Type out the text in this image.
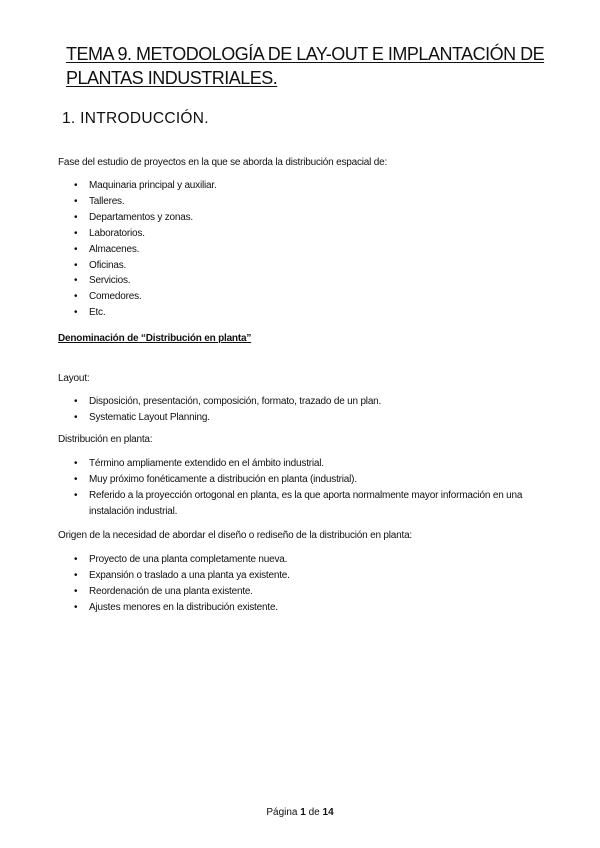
TEMA 9. METODOLOGÍA DE LAY-OUT E IMPLANTACIÓN DE PLANTAS INDUSTRIALES.
1. INTRODUCCIÓN.

Fase del estudio de proyectos en la que se aborda la distribución espacial de:

•	Maquinaria principal y auxiliar.
•	Talleres.
•	Departamentos y zonas.
•	Laboratorios.
•	Almacenes.
•	Oficinas.
•	Servicios.
•	Comedores.
•	Etc.

Denominación de “Distribución en planta”

Layout:

•	Disposición, presentación, composición, formato, trazado de un plan.
•	Systematic Layout Planning.

Distribución en planta:

•	Término ampliamente extendido en el ámbito industrial.
•	Muy próximo fonéticamente a distribución en planta (industrial).
•	Referido a la proyección ortogonal en planta, es la que aporta normalmente mayor información en una instalación industrial.

Origen de la necesidad de abordar el diseño o rediseño de la distribución en planta:

•	Proyecto de una planta completamente nueva.
•	Expansión o traslado a una planta ya existente.
•	Reordenación de una planta existente.
•	Ajustes menores en la distribución existente.
Página 1 de 14
